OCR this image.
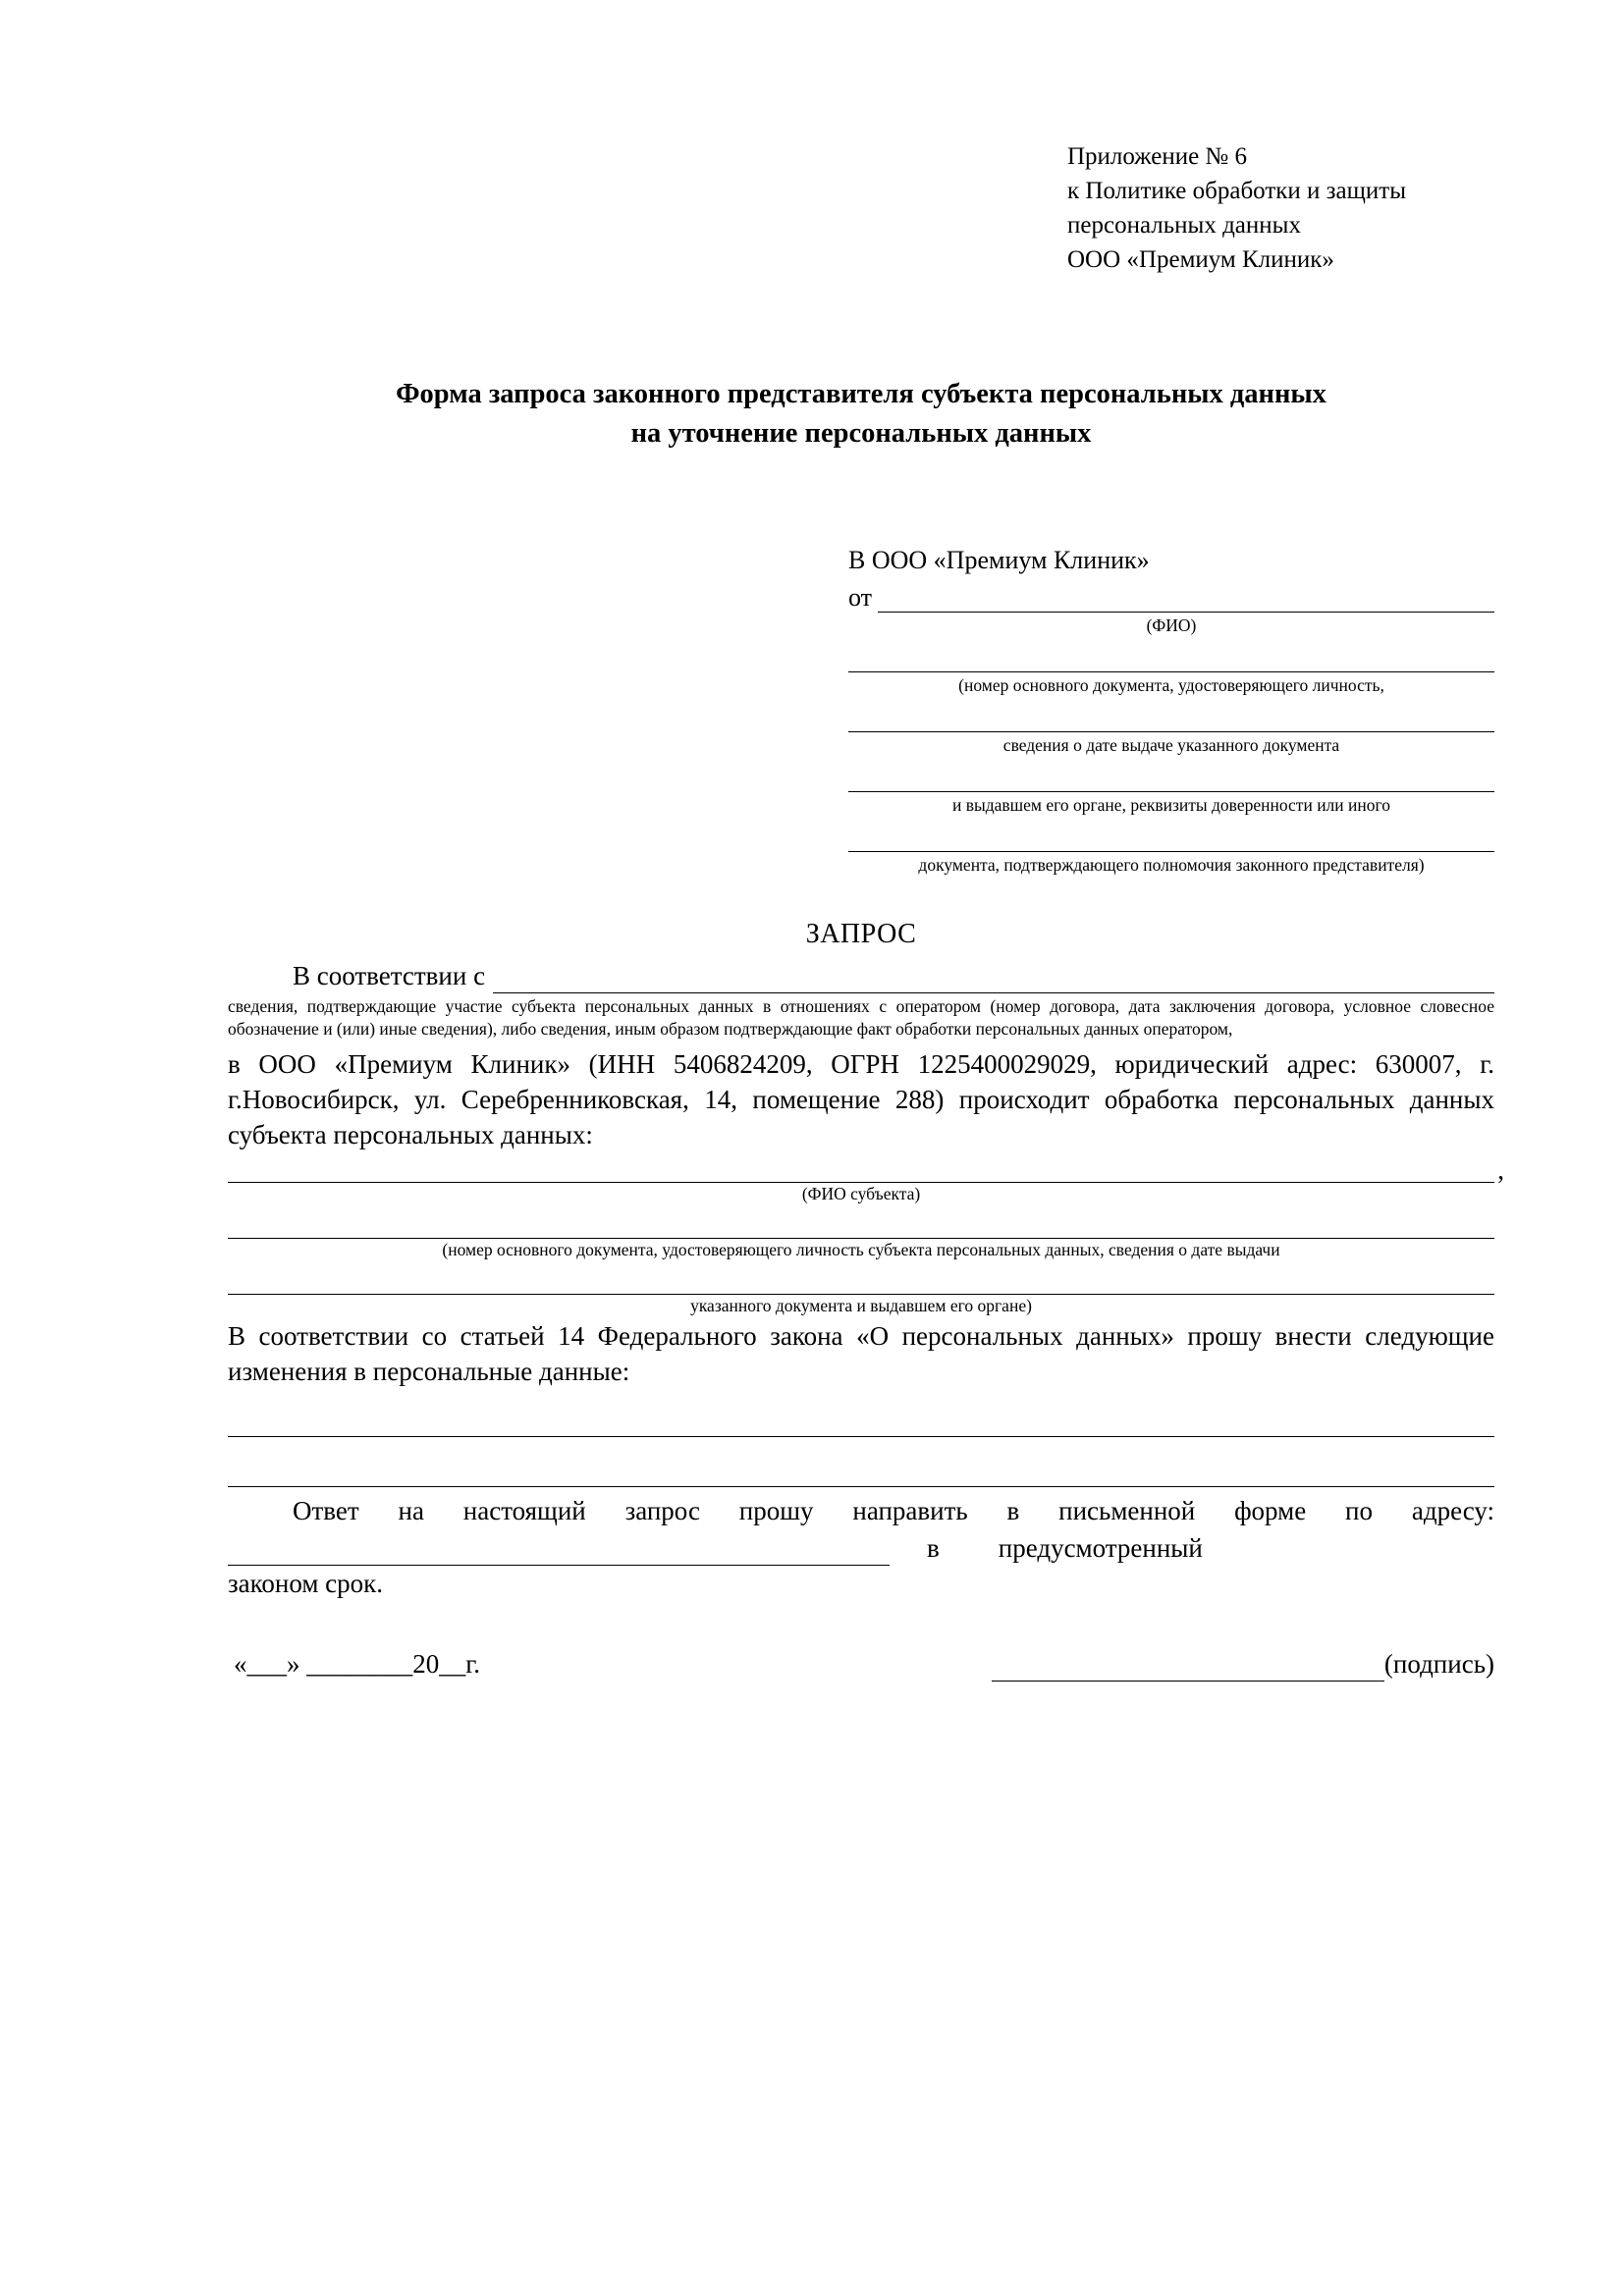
Приложение № 6
к Политике обработки и защиты
персональных данных
ООО «Премиум Клиник»
Форма запроса законного представителя субъекта персональных данных
на уточнение персональных данных
В ООО «Премиум Клиник»
от
(ФИО)
(номер основного документа, удостоверяющего личность,
сведения о дате выдаче указанного документа
и выдавшем его органе, реквизиты доверенности или иного
документа, подтверждающего полномочия законного представителя)
ЗАПРОС
В соответствии с
сведения, подтверждающие участие субъекта персональных данных в отношениях с оператором (номер договора, дата заключения договора, условное словесное обозначение и (или) иные сведения), либо сведения, иным образом подтверждающие факт обработки персональных данных оператором,
в ООО «Премиум Клиник» (ИНН 5406824209, ОГРН 1225400029029, юридический адрес: 630007, г. г.Новосибирск, ул. Серебренниковская, 14, помещение 288) происходит обработка персональных данных субъекта персональных данных:
,
(ФИО субъекта)
(номер основного документа, удостоверяющего личность субъекта персональных данных, сведения о дате выдачи
указанного документа и выдавшем его органе)
В соответствии со статьей 14 Федерального закона «О персональных данных» прошу внести следующие изменения в персональные данные:
Ответ на настоящий запрос прошу направить в письменной форме по адресу:
в	предусмотренный
законом срок.
«___» ________20__г.	(подпись)
